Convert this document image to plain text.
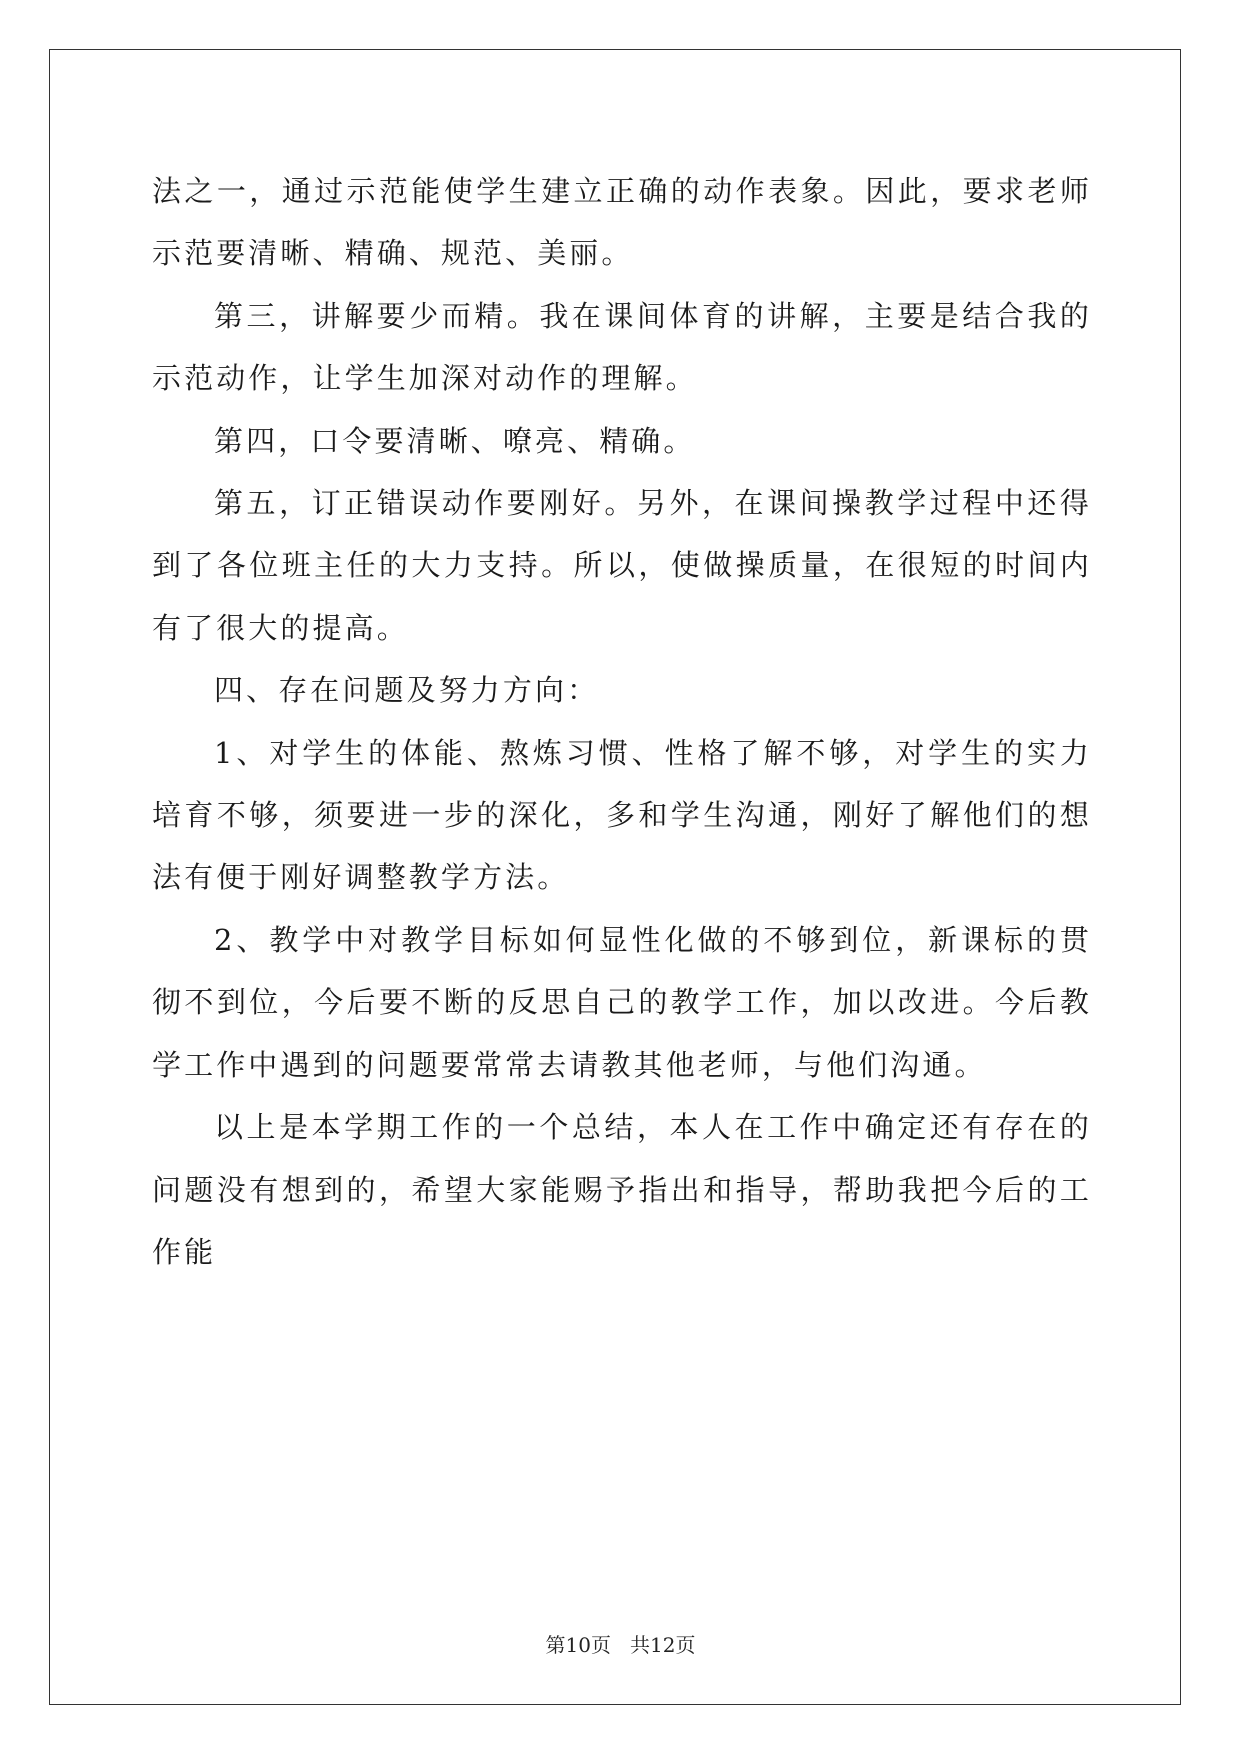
法之一，通过示范能使学生建立正确的动作表象。因此，要求老师示范要清晰、精确、规范、美丽。

第三，讲解要少而精。我在课间体育的讲解，主要是结合我的示范动作，让学生加深对动作的理解。

第四，口令要清晰、嘹亮、精确。

第五，订正错误动作要刚好。另外，在课间操教学过程中还得到了各位班主任的大力支持。所以，使做操质量，在很短的时间内有了很大的提高。

四、存在问题及努力方向：

1、对学生的体能、熬炼习惯、性格了解不够，对学生的实力培育不够，须要进一步的深化，多和学生沟通，刚好了解他们的想法有便于刚好调整教学方法。

2、教学中对教学目标如何显性化做的不够到位，新课标的贯彻不到位，今后要不断的反思自己的教学工作，加以改进。今后教学工作中遇到的问题要常常去请教其他老师，与他们沟通。

以上是本学期工作的一个总结，本人在工作中确定还有存在的问题没有想到的，希望大家能赐予指出和指导，帮助我把今后的工作能

第10页 共12页
